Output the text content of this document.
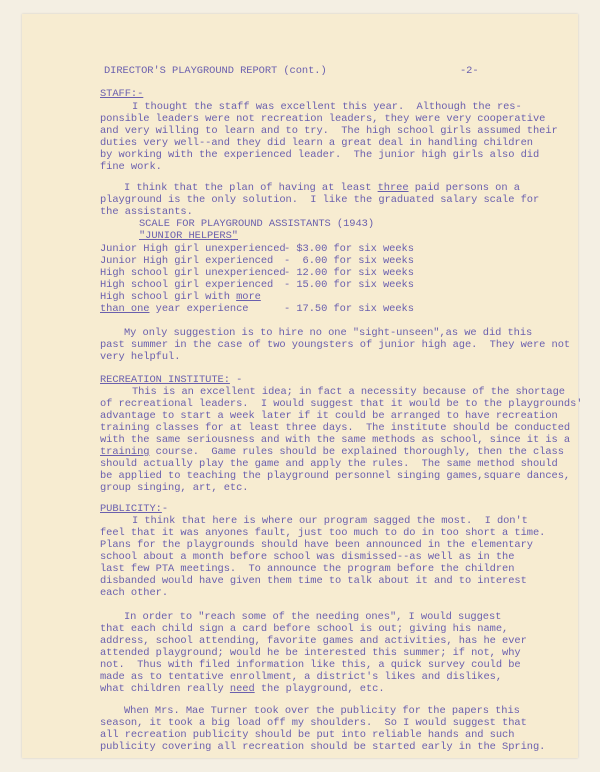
DIRECTOR'S PLAYGROUND REPORT (cont.)	-2-
STAFF:-
I thought the staff was excellent this year.  Although the res-
ponsible leaders were not recreation leaders, they were very cooperative
and very willing to learn and to try.  The high school girls assumed their
duties very well--and they did learn a great deal in handling children
by working with the experienced leader.  The junior high girls also did
fine work.
I think that the plan of having at least three paid persons on a
playground is the only solution.  I like the graduated salary scale for
the assistants.
SCALE FOR PLAYGROUND ASSISTANTS (1943)
"JUNIOR HELPERS"
Junior High girl unexperienced
- $3.00 for six weeks
Junior High girl experienced -  6.00 for six weeks
High school girl unexperienced
- 12.00 for six weeks
High school girl experienced - 15.00 for six weeks
High school girl with more
than one year experience	- 17.50 for six weeks
My only suggestion is to hire no one "sight-unseen",as we did this
past summer in the case of two youngsters of junior high age.  They were not
very helpful.
RECREATION INSTITUTE: -
This is an excellent idea; in fact a necessity because of the shortage
of recreational leaders.  I would suggest that it would be to the playgrounds'
advantage to start a week later if it could be arranged to have recreation
training classes for at least three days.  The institute should be conducted
with the same seriousness and with the same methods as school, since it is a
training course.  Game rules should be explained thoroughly, then the class
should actually play the game and apply the rules.  The same method should
be applied to teaching the playground personnel singing games,square dances,
group singing, art, etc.
PUBLICITY:-
I think that here is where our program sagged the most.  I don't
feel that it was anyones fault, just too much to do in too short a time.
Plans for the playgrounds should have been announced in the elementary
school about a month before school was dismissed--as well as in the
last few PTA meetings.  To announce the program before the children
disbanded would have given them time to talk about it and to interest
each other.
In order to "reach some of the needing ones", I would suggest
that each child sign a card before school is out; giving his name,
address, school attending, favorite games and activities, has he ever
attended playground; would he be interested this summer; if not, why
not.  Thus with filed information like this, a quick survey could be
made as to tentative enrollment, a district's likes and dislikes,
what children really need the playground, etc.
When Mrs. Mae Turner took over the publicity for the papers this
season, it took a big load off my shoulders.  So I would suggest that
all recreation publicity should be put into reliable hands and such
publicity covering all recreation should be started early in the Spring.
